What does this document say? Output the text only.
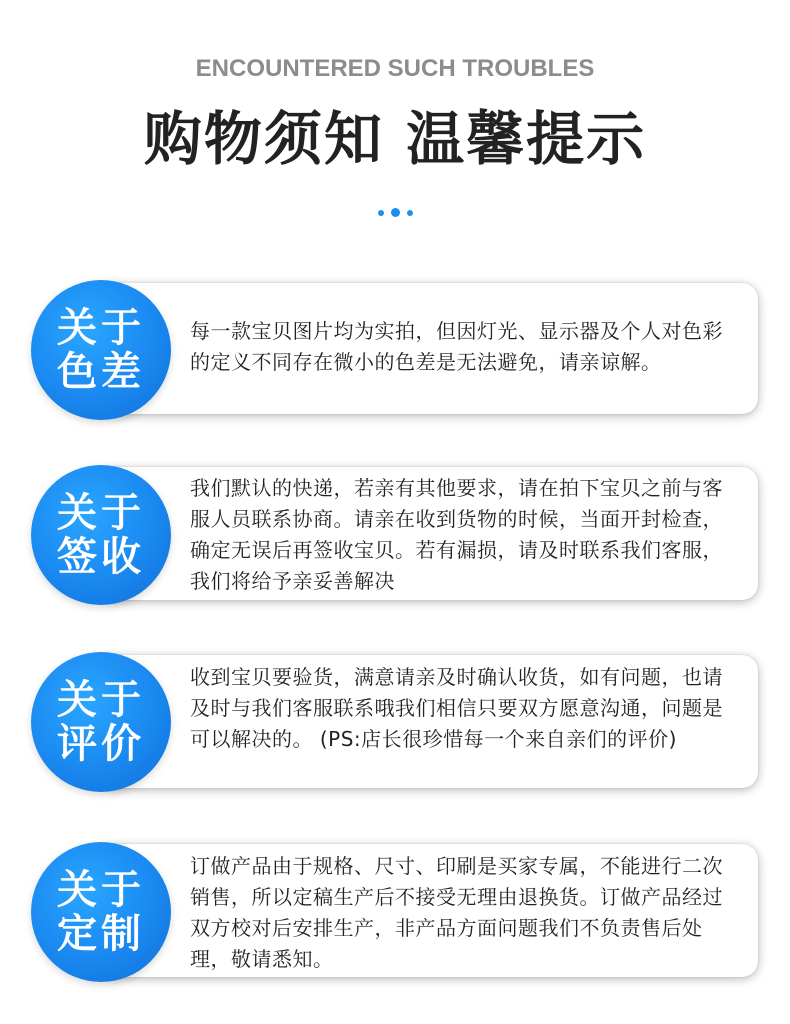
ENCOUNTERED SUCH TROUBLES
购物须知 温馨提示
每一款宝贝图片均为实拍，但因灯光、显示器及个人对色彩的定义不同存在微小的色差是无法避免，请亲谅解。
关于
色差
我们默认的快递，若亲有其他要求，请在拍下宝贝之前与客服人员联系协商。请亲在收到货物的时候，当面开封检查，确定无误后再签收宝贝。若有漏损，请及时联系我们客服，我们将给予亲妥善解决
关于
签收
收到宝贝要验货，满意请亲及时确认收货，如有问题，也请及时与我们客服联系哦我们相信只要双方愿意沟通，问题是可以解决的。 (PS:店长很珍惜每一个来自亲们的评价)
关于
评价
订做产品由于规格、尺寸、印刷是买家专属，不能进行二次销售，所以定稿生产后不接受无理由退换货。订做产品经过双方校对后安排生产，非产品方面问题我们不负责售后处理，敬请悉知。
关于
定制
